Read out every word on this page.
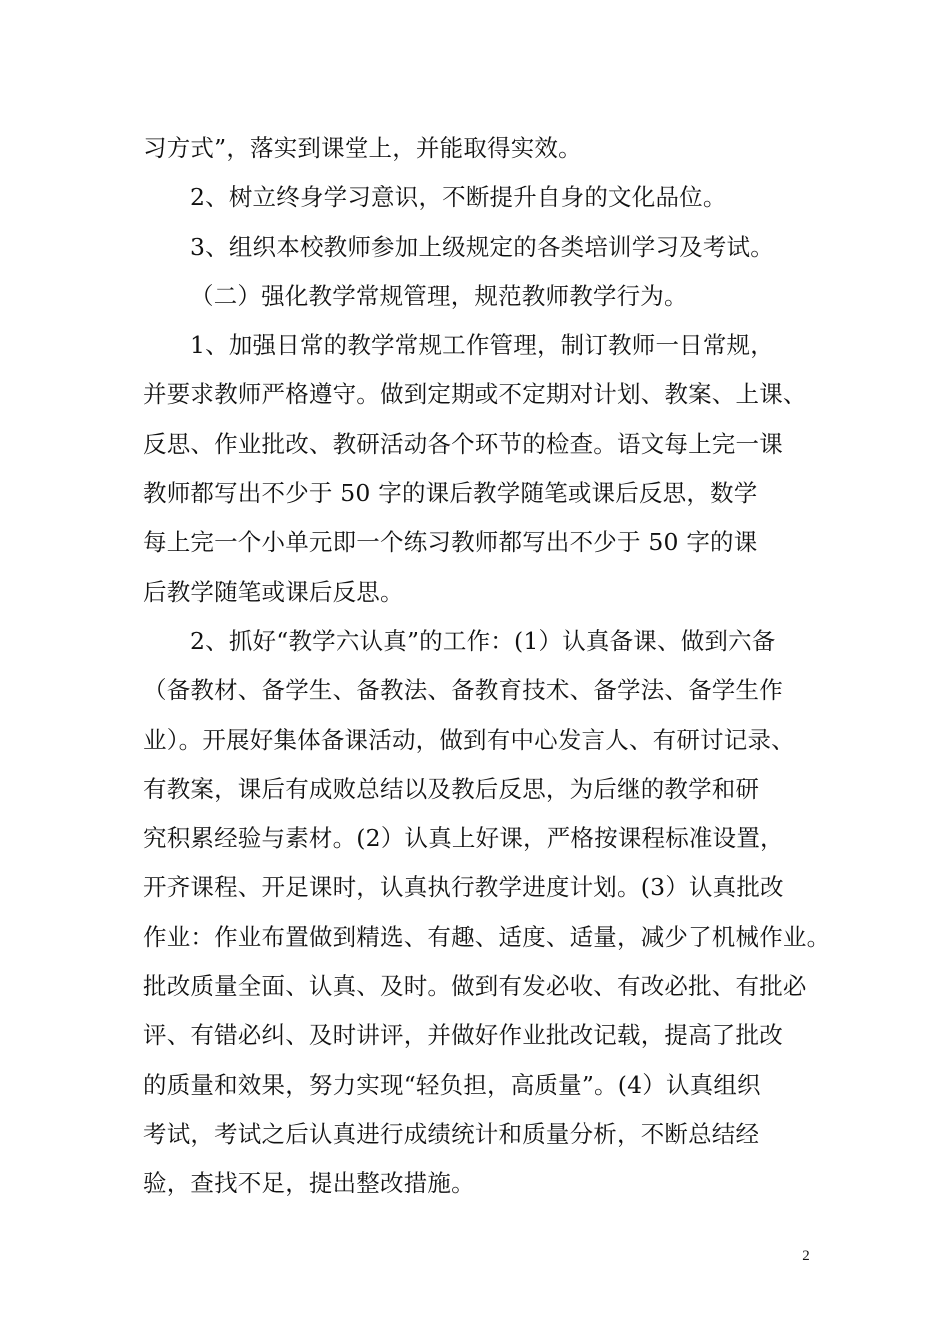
习方式”，落实到课堂上，并能取得实效。
2、树立终身学习意识，不断提升自身的文化品位。
3、组织本校教师参加上级规定的各类培训学习及考试。
（二）强化教学常规管理，规范教师教学行为。
1、加强日常的教学常规工作管理，制订教师一日常规，
并要求教师严格遵守。做到定期或不定期对计划、教案、上课、
反思、作业批改、教研活动各个环节的检查。语文每上完一课
教师都写出不少于 50 字的课后教学随笔或课后反思，数学
每上完一个小单元即一个练习教师都写出不少于 50 字的课
后教学随笔或课后反思。
2、抓好“教学六认真”的工作：(1）认真备课、做到六备
（备教材、备学生、备教法、备教育技术、备学法、备学生作
业）。开展好集体备课活动，做到有中心发言人、有研讨记录、
有教案，课后有成败总结以及教后反思，为后继的教学和研
究积累经验与素材。(2）认真上好课，严格按课程标准设置，
开齐课程、开足课时，认真执行教学进度计划。(3）认真批改
作业：作业布置做到精选、有趣、适度、适量，减少了机械作业。
批改质量全面、认真、及时。做到有发必收、有改必批、有批必
评、有错必纠、及时讲评，并做好作业批改记载，提高了批改
的质量和效果，努力实现“轻负担，高质量”。(4）认真组织
考试，考试之后认真进行成绩统计和质量分析，不断总结经
验，查找不足，提出整改措施。
2
